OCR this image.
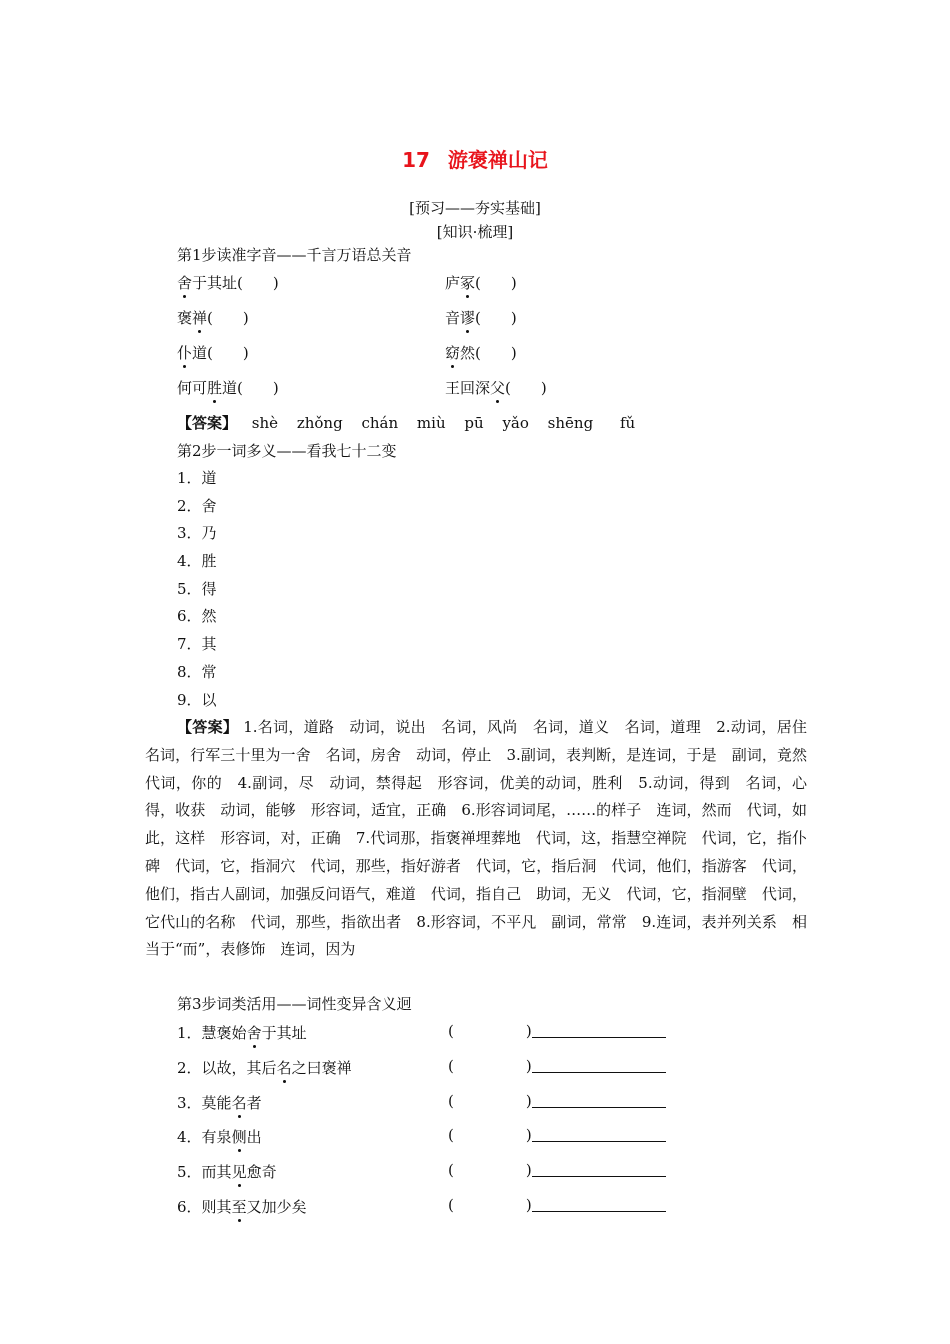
17 游褒禅山记
[预习——夯实基础]
[知识·梳理]
第1步读准字音——千言万语总关音
舍于其址(　　)	庐冢(　　)
褒禅(　　)	音谬(　　)
仆道(　　)	窈然(　　)
何可胜道(　　)	王回深父(　　)
【答案】 shè zhǒng chán miù pū yǎo shēng fǔ
第2步一词多义——看我七十二变
1．道
2．舍
3．乃
4．胜
5．得
6．然
7．其
8．常
9．以
【答案】 1.名词，道路　动词，说出　名词，风尚　名词，道义　名词，道理　2.动词，居住　名词，行军三十里为一舍　名词，房舍　动词，停止　3.副词，表判断，是连词，于是　副词，竟然　代词，你的　4.副词，尽　动词，禁得起　形容词，优美的动词，胜利　5.动词，得到　名词，心得，收获　动词，能够　形容词，适宜，正确　6.形容词词尾，……的样子　连词，然而　代词，如此，这样　形容词，对，正确　7.代词那，指褒禅埋葬地　代词，这，指慧空禅院　代词，它，指仆碑　代词，它，指洞穴　代词，那些，指好游者　代词，它，指后洞　代词，他们，指游客　代词，他们，指古人副词，加强反问语气，难道　代词，指自己　助词，无义　代词，它，指洞壁　代词，它代山的名称　代词，那些，指欲出者　8.形容词，不平凡　副词，常常　9.连词，表并列关系　相当于“而”，表修饰　连词，因为
第3步词类活用——词性变异含义迥
1．慧褒始舍于其址	(	)
2．以故，其后名之曰褒禅	(	)
3．莫能名者	(	)
4．有泉侧出	(	)
5．而其见愈奇	(	)
6．则其至又加少矣	(	)
